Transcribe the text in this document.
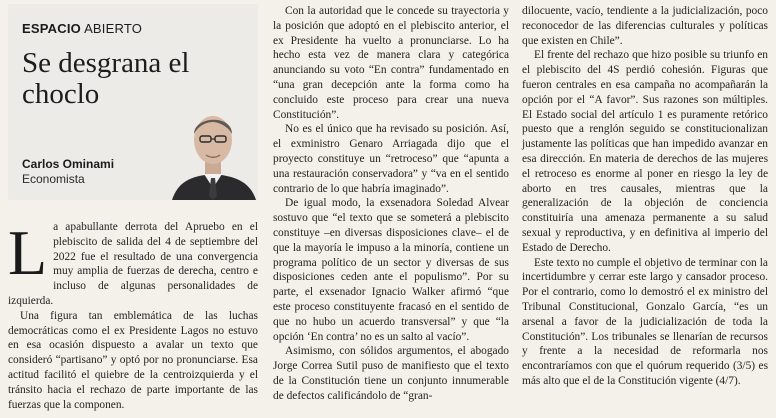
ESPACIO ABIERTO
Se desgrana el choclo
Carlos Ominami
Economista

La apabullante derrota del Apruebo en el plebiscito de salida del 4 de septiembre del 2022 fue el resultado de una convergencia muy amplia de fuerzas de derecha, centro e incluso de algunas personalidades de izquierda.

Una figura tan emblemática de las luchas democráticas como el ex Presidente Lagos no estuvo en esa ocasión dispuesto a avalar un texto que consideró “partisano” y optó por no pronunciarse. Esa actitud facilitó el quiebre de la centroizquierda y el tránsito hacia el rechazo de parte importante de las fuerzas que la componen.

Con la autoridad que le concede su trayectoria y la posición que adoptó en el plebiscito anterior, el ex Presidente ha vuelto a pronunciarse. Lo ha hecho esta vez de manera clara y categórica anunciando su voto “En contra” fundamentado en “una gran decepción ante la forma como ha concluido este proceso para crear una nueva Constitución”.

No es el único que ha revisado su posición. Así, el exministro Genaro Arriagada dijo que el proyecto constituye un “retroceso” que “apunta a una restauración conservadora” y “va en el sentido contrario de lo que habría imaginado”.

De igual modo, la exsenadora Soledad Alvear sostuvo que “el texto que se someterá a plebiscito constituye –en diversas disposiciones clave– el de que la mayoría le impuso a la minoría, contiene un programa político de un sector y diversas de sus disposiciones ceden ante el populismo”. Por su parte, el exsenador Ignacio Walker afirmó “que este proceso constituyente fracasó en el sentido de que no hubo un acuerdo transversal” y que “la opción ‘En contra’ no es un salto al vacío”.

Asimismo, con sólidos argumentos, el abogado Jorge Correa Sutil puso de manifiesto que el texto de la Constitución tiene un conjunto innumerable de defectos calificándolo de “gran-

dilocuente, vacío, tendiente a la judicialización, poco reconocedor de las diferencias culturales y políticas que existen en Chile”.

El frente del rechazo que hizo posible su triunfo en el plebiscito del 4S perdió cohesión. Figuras que fueron centrales en esa campaña no acompañarán la opción por el “A favor”. Sus razones son múltiples. El Estado social del artículo 1 es puramente retórico puesto que a renglón seguido se constitucionalizan justamente las políticas que han impedido avanzar en esa dirección. En materia de derechos de las mujeres el retroceso es enorme al poner en riesgo la ley de aborto en tres causales, mientras que la generalización de la objeción de conciencia constituiría una amenaza permanente a su salud sexual y reproductiva, y en definitiva al imperio del Estado de Derecho.

Este texto no cumple el objetivo de terminar con la incertidumbre y cerrar este largo y cansador proceso. Por el contrario, como lo demostró el ex ministro del Tribunal Constitucional, Gonzalo García, “es un arsenal a favor de la judicialización de toda la Constitución”. Los tribunales se llenarían de recursos y frente a la necesidad de reformarla nos encontraríamos con que el quórum requerido (3/5) es más alto que el de la Constitución vigente (4/7).
